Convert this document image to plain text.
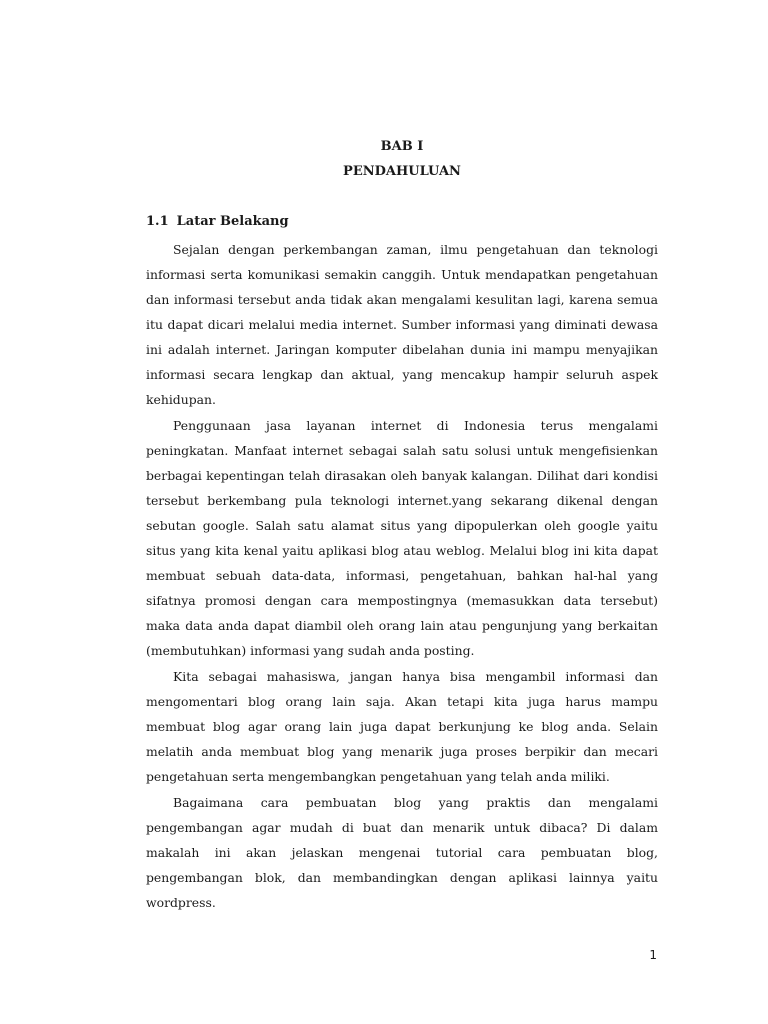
BAB I

PENDAHULUAN

1.1 Latar Belakang

Sejalan dengan perkembangan zaman, ilmu pengetahuan dan teknologi informasi serta komunikasi semakin canggih. Untuk mendapatkan pengetahuan dan informasi tersebut anda tidak akan mengalami kesulitan lagi, karena semua itu dapat dicari melalui media internet. Sumber informasi yang diminati dewasa ini adalah internet. Jaringan komputer dibelahan dunia ini mampu menyajikan informasi secara lengkap dan aktual, yang mencakup hampir seluruh aspek kehidupan.

Penggunaan jasa layanan internet di Indonesia terus mengalami peningkatan. Manfaat internet sebagai salah satu solusi untuk mengefisienkan berbagai kepentingan telah dirasakan oleh banyak kalangan. Dilihat dari kondisi tersebut berkembang pula teknologi internet.yang sekarang dikenal dengan sebutan google. Salah satu alamat situs yang dipopulerkan oleh google yaitu situs yang kita kenal yaitu aplikasi blog atau weblog. Melalui blog ini kita dapat membuat sebuah data-data, informasi, pengetahuan, bahkan hal-hal yang sifatnya promosi dengan cara mempostingnya (memasukkan data tersebut) maka data anda dapat diambil oleh orang lain atau pengunjung yang berkaitan (membutuhkan) informasi yang sudah anda posting.

Kita sebagai mahasiswa, jangan hanya bisa mengambil informasi dan mengomentari blog orang lain saja. Akan tetapi kita juga harus mampu membuat blog agar orang lain juga dapat berkunjung ke blog anda. Selain melatih anda membuat blog yang menarik juga proses berpikir dan mecari pengetahuan serta mengembangkan pengetahuan yang telah anda miliki.

Bagaimana cara pembuatan blog yang praktis dan mengalami pengembangan agar mudah di buat dan menarik untuk dibaca? Di dalam makalah ini akan jelaskan mengenai tutorial cara pembuatan blog, pengembangan blok, dan membandingkan dengan aplikasi lainnya yaitu wordpress.

1
